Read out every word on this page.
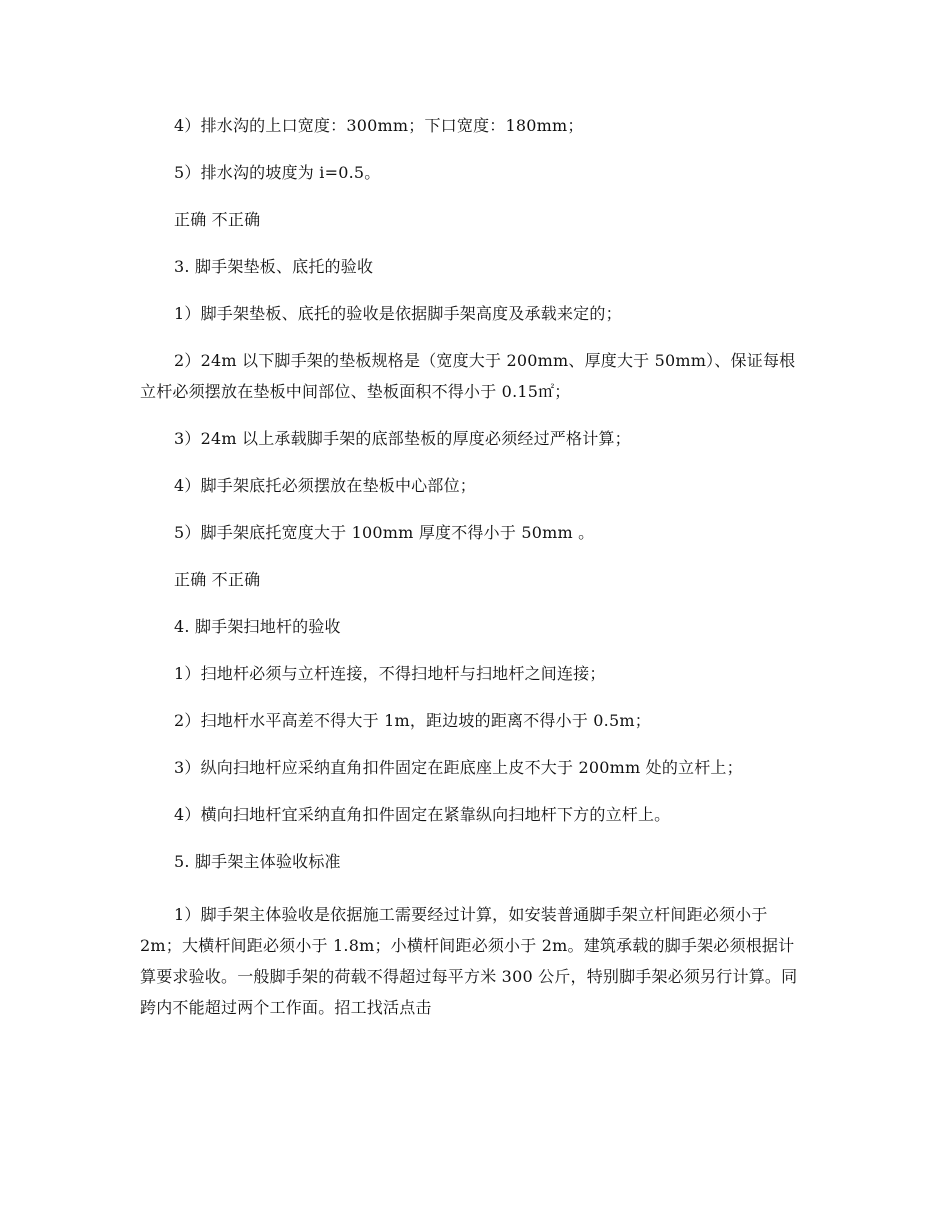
4）排水沟的上口宽度：300mm；下口宽度：180mm；
5）排水沟的坡度为 i=0.5。
正确 不正确
3. 脚手架垫板、底托的验收
1）脚手架垫板、底托的验收是依据脚手架高度及承载来定的；
2）24m 以下脚手架的垫板规格是（宽度大于 200mm、厚度大于 50mm）、保证每根立杆必须摆放在垫板中间部位、垫板面积不得小于 0.15㎡；
3）24m 以上承载脚手架的底部垫板的厚度必须经过严格计算；
4）脚手架底托必须摆放在垫板中心部位；
5）脚手架底托宽度大于 100mm 厚度不得小于 50mm 。
正确 不正确
4. 脚手架扫地杆的验收
1）扫地杆必须与立杆连接，不得扫地杆与扫地杆之间连接；
2）扫地杆水平高差不得大于 1m，距边坡的距离不得小于 0.5m；
3）纵向扫地杆应采纳直角扣件固定在距底座上皮不大于 200mm 处的立杆上；
4）横向扫地杆宜采纳直角扣件固定在紧靠纵向扫地杆下方的立杆上。
5. 脚手架主体验收标准
1）脚手架主体验收是依据施工需要经过计算，如安装普通脚手架立杆间距必须小于 2m；大横杆间距必须小于 1.8m；小横杆间距必须小于 2m。建筑承载的脚手架必须根据计算要求验收。一般脚手架的荷载不得超过每平方米 300 公斤，特别脚手架必须另行计算。同跨内不能超过两个工作面。招工找活点击
